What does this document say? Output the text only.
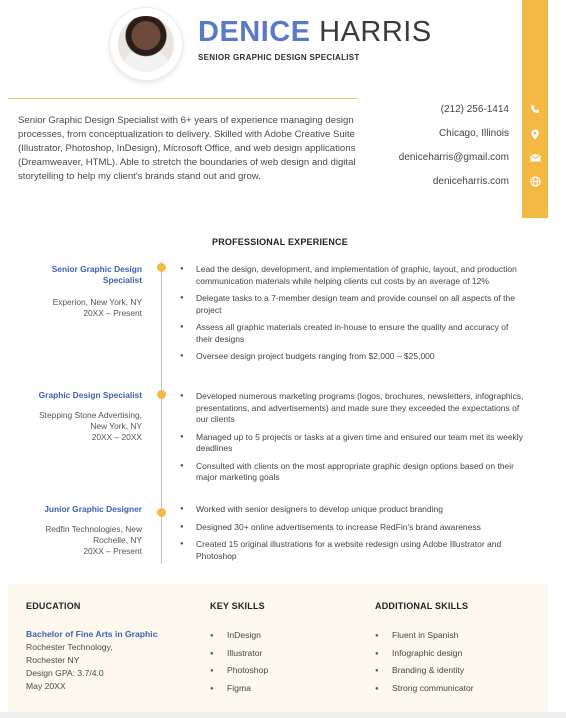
DENICE HARRIS
SENIOR GRAPHIC DESIGN SPECIALIST

Senior Graphic Design Specialist with 6+ years of experience managing design processes, from conceptualization to delivery. Skilled with Adobe Creative Suite (Illustrator, Photoshop, InDesign), Microsoft Office, and web design applications (Dreamweaver, HTML). Able to stretch the boundaries of web design and digital storytelling to help my client's brands stand out and grow.

(212) 256-1414
Chicago, Illinois
deniceharris@gmail.com
deniceharris.com
PROFESSIONAL EXPERIENCE
Senior Graphic Design Specialist
Experion, New York, NY
20XX – Present
● Lead the design, development, and implementation of graphic, layout, and production communication materials while helping clients cut costs by an average of 12%
● Delegate tasks to a 7-member design team and provide counsel on all aspects of the project
● Assess all graphic materials created in-house to ensure the quality and accuracy of their designs
● Oversee design project budgets ranging from $2,000 – $25,000
Graphic Design Specialist
Stepping Stone Advertising, New York, NY
20XX – 20XX
● Developed numerous marketing programs (logos, brochures, newsletters, infographics, presentations, and advertisements) and made sure they exceeded the expectations of our clients
● Managed up to 5 projects or tasks at a given time and ensured our team met its weekly deadlines
● Consulted with clients on the most appropriate graphic design options based on their major marketing goals
Junior Graphic Designer
Redfin Technologies, New Rochelle, NY
20XX – Present
● Worked with senior designers to develop unique product branding
● Designed 30+ online advertisements to increase RedFin's brand awareness
● Created 15 original illustrations for a website redesign using Adobe Illustrator and Photoshop
EDUCATION
Bachelor of Fine Arts in Graphic
Rochester Technology,
Rochester NY
Design GPA: 3.7/4.0
May 20XX
KEY SKILLS
● InDesign
● Illustrator
● Photoshop
● Figma
ADDITIONAL SKILLS
● Fluent in Spanish
● Infographic design
● Branding & identity
● Strong communicator
